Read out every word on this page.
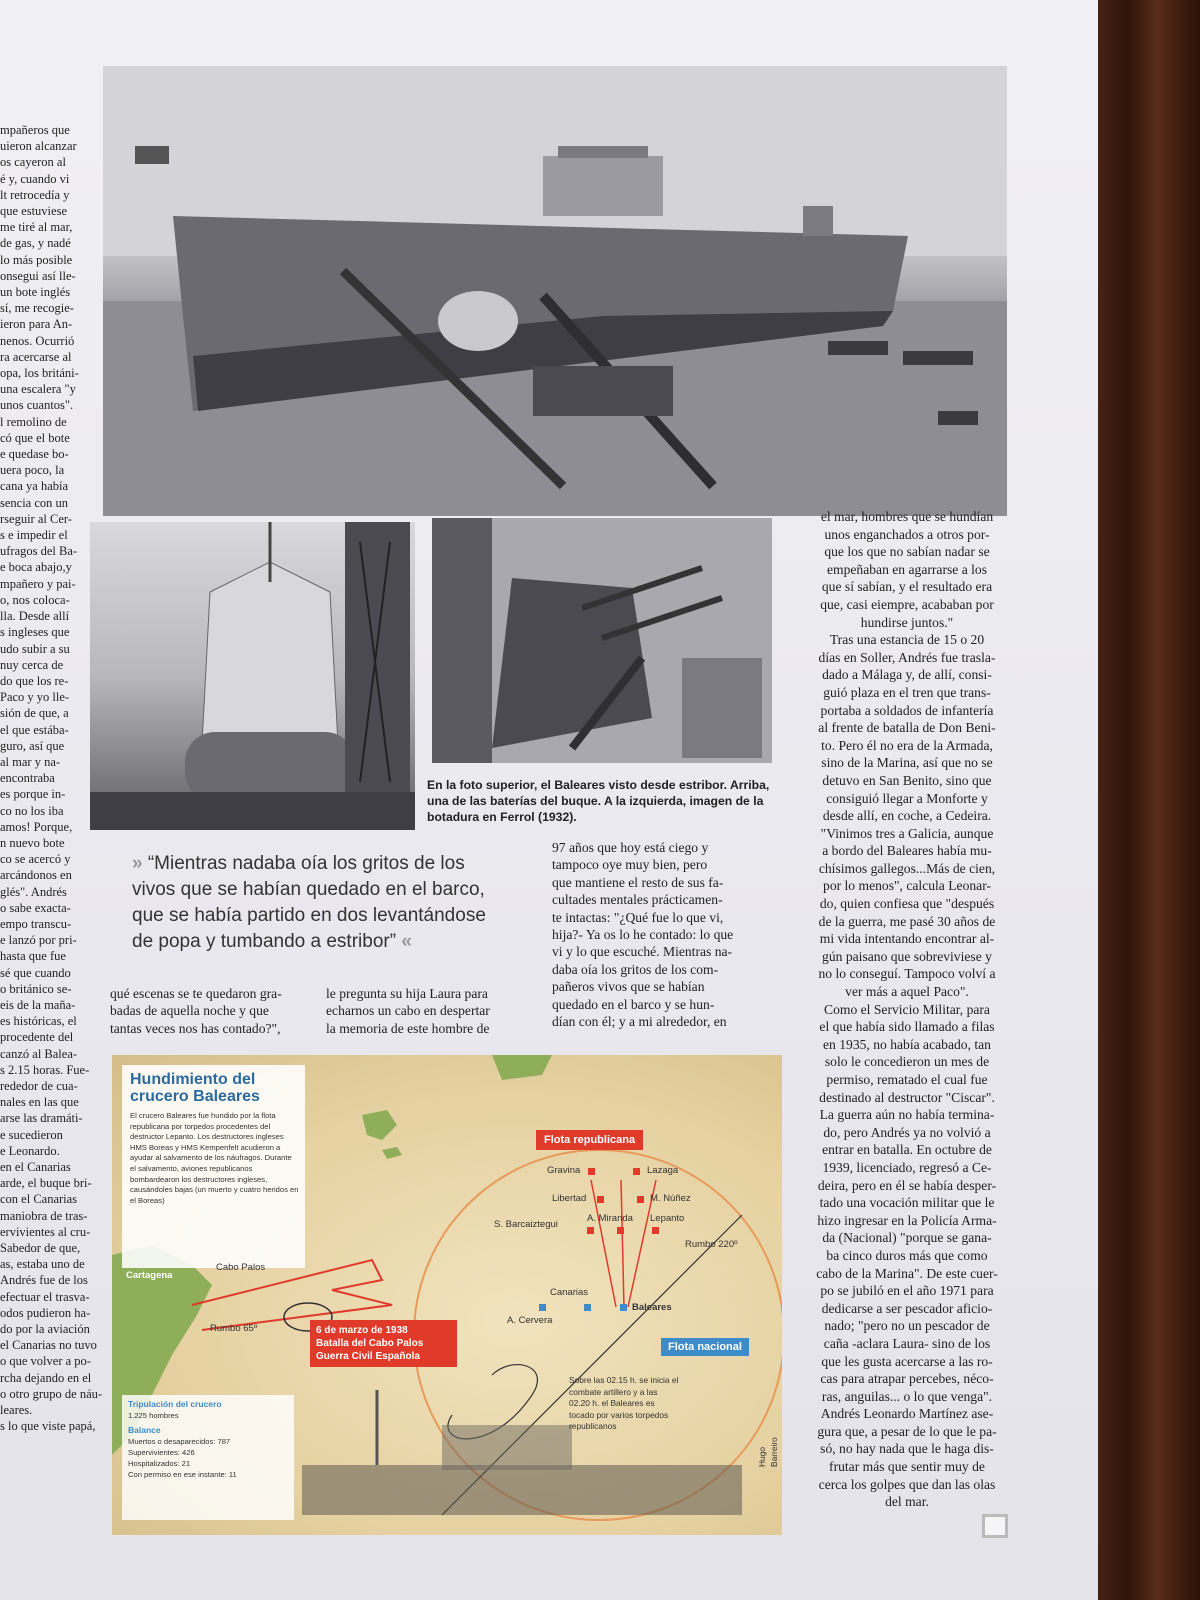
mpañeros que
uieron alcanzar
os cayeron al
é y, cuando vi
lt retrocedía y
que estuviese
me tiré al mar,
de gas, y nadé
lo más posible
onsegui así lle-
un bote inglés
sí, me recogie-
ieron para An-
nenos. Ocurrió
ra acercarse al
opa, los británi-
una escalera "y
unos cuantos".
l remolino de
có que el bote
e quedase bo-
uera poco, la
cana ya había
sencia con un
rseguir al Cer-
s e impedir el
ufragos del Ba-
e boca abajo,y
mpañero y pai-
o, nos coloca-
lla. Desde allí
s ingleses que
udo subir a su
nuy cerca de
do que los re-
Paco y yo lle-
sión de que, a
el que estába-
guro, así que
al mar y na-
encontraba
es porque in-
co no los iba
amos! Porque,
n nuevo bote
co se acercó y
arcándonos en
glés". Andrés
o sabe exacta-
empo transcu-
e lanzó por pri-
hasta que fue
sé que cuando
o británico se-
eis de la maña-
es históricas, el
procedente del
canzó al Balea-
s 2.15 horas. Fue-
rededor de cua-
nales en las que
arse las dramáti-
e sucedieron
e Leonardo.
en el Canarias
arde, el buque bri-
con el Canarias
maniobra de tras-
ervivientes al cru-
Sabedor de que,
as, estaba uno de
Andrés fue de los
efectuar el trasva-
odos pudieron ha-
do por la aviación
el Canarias no tuvo
o que volver a po-
rcha dejando en el
o otro grupo de náu-
leares.
s lo que viste papá,
En la foto superior, el Baleares visto desde estribor. Arriba, una de las baterías del buque. A la izquierda, imagen de la botadura en Ferrol (1932).
» “Mientras nadaba oía los gritos de los vivos que se habían quedado en el barco, que se había partido en dos levantándose de popa y tumbando a estribor” «
qué escenas se te quedaron gra-
badas de aquella noche y que
tantas veces nos has contado?",
le pregunta su hija Laura para
echarnos un cabo en despertar
la memoria de este hombre de
97 años que hoy está ciego y
tampoco oye muy bien, pero
que mantiene el resto de sus fa-
cultades mentales prácticamen-
te intactas: "¿Qué fue lo que vi,
hija?- Ya os lo he contado: lo que
vi y lo que escuché. Mientras na-
daba oía los gritos de los com-
pañeros vivos que se habían
quedado en el barco y se hun-
dían con él; y a mi alrededor, en
el mar, hombres que se hundían
unos enganchados a otros por-
que los que no sabían nadar se
empeñaban en agarrarse a los
que sí sabían, y el resultado era
que, casi eiempre, acababan por
hundirse juntos."
Tras una estancia de 15 o 20
días en Soller, Andrés fue trasla-
dado a Málaga y, de allí, consi-
guió plaza en el tren que trans-
portaba a soldados de infantería
al frente de batalla de Don Beni-
to. Pero él no era de la Armada,
sino de la Marina, así que no se
detuvo en San Benito, sino que
consiguió llegar a Monforte y
desde allí, en coche, a Cedeira.
"Vinimos tres a Galicia, aunque
a bordo del Baleares había mu-
chísimos gallegos...Más de cien,
por lo menos", calcula Leonar-
do, quien confiesa que "después
de la guerra, me pasé 30 años de
mi vida intentando encontrar al-
gún paisano que sobreviviese y
no lo conseguí. Tampoco volví a
ver más a aquel Paco".
Como el Servicio Militar, para
el que había sido llamado a filas
en 1935, no había acabado, tan
solo le concedieron un mes de
permiso, rematado el cual fue
destinado al destructor "Ciscar".
La guerra aún no había termina-
do, pero Andrés ya no volvió a
entrar en batalla. En octubre de
1939, licenciado, regresó a Ce-
deira, pero en él se había desper-
tado una vocación militar que le
hizo ingresar en la Policía Arma-
da (Nacional) "porque se gana-
ba cinco duros más que como
cabo de la Marina". De este cuer-
po se jubiló en el año 1971 para
dedicarse a ser pescador aficio-
nado; "pero no un pescador de
caña -aclara Laura- sino de los
que les gusta acercarse a las ro-
cas para atrapar percebes, néco-
ras, anguilas... o lo que venga".
Andrés Leonardo Martínez ase-
gura que, a pesar de lo que le pa-
só, no hay nada que le haga dis-
frutar más que sentir muy de
cerca los golpes que dan las olas
del mar.
Hundimiento del
crucero Baleares
El crucero Baleares fue hundido por la flota republicana por torpedos procedentes del destructor Lepanto. Los destructores ingleses HMS Boreas y HMS Kempenfelt acudieron a ayudar al salvamento de los náufragos. Durante el salvamento, aviones republicanos bombardearon los destructores ingleses, causándoles bajas (un muerto y cuatro heridos en el Boreas)
Flota republicana
Flota nacional
Gravina	Lazaga
Libertad	M. Núñez
S. Barcaiztegui
A. Miranda Lepanto
Canarias
A. Cervera
Baleares
Cartagena
Cabo Palos
Rumbo 65º
Rumbo 220º
6 de marzo de 1938
Batalla del Cabo Palos
Guerra Civil Española
Sobre las 02.15 h. se inicia el combate artillero y a las 02.20 h. el Baleares es tocado por varios torpedos republicanos
Tripulación del crucero
1.225 hombres
Balance
Muertos o desaparecidos: 787
Supervivientes: 426
Hospitalizados: 21
Con permiso en ese instante: 11
Hugo Barreiro
